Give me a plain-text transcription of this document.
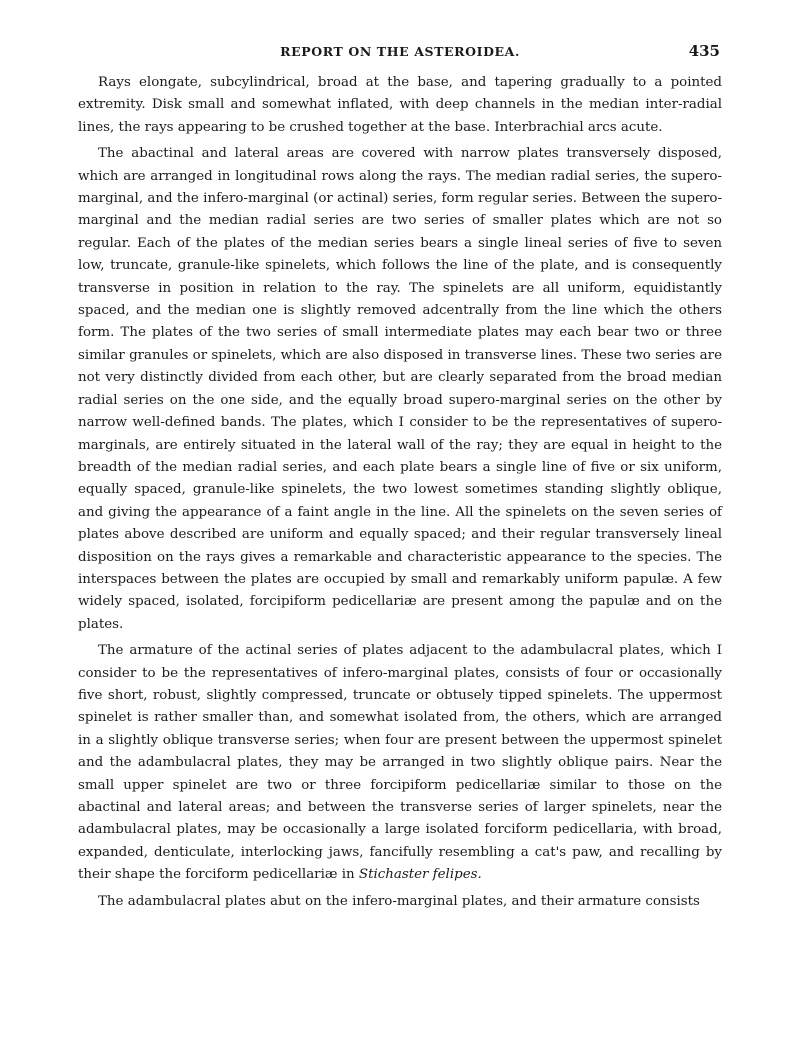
REPORT ON THE ASTEROIDEA.	435

Rays elongate, subcylindrical, broad at the base, and tapering gradually to a pointed extremity. Disk small and somewhat inflated, with deep channels in the median inter-radial lines, the rays appearing to be crushed together at the base. Interbrachial arcs acute.

The abactinal and lateral areas are covered with narrow plates transversely disposed, which are arranged in longitudinal rows along the rays. The median radial series, the supero-marginal, and the infero-marginal (or actinal) series, form regular series. Between the supero-marginal and the median radial series are two series of smaller plates which are not so regular. Each of the plates of the median series bears a single lineal series of five to seven low, truncate, granule-like spinelets, which follows the line of the plate, and is consequently transverse in position in relation to the ray. The spinelets are all uniform, equidistantly spaced, and the median one is slightly removed adcentrally from the line which the others form. The plates of the two series of small intermediate plates may each bear two or three similar granules or spinelets, which are also disposed in transverse lines. These two series are not very distinctly divided from each other, but are clearly separated from the broad median radial series on the one side, and the equally broad supero-marginal series on the other by narrow well-defined bands. The plates, which I consider to be the representatives of supero-marginals, are entirely situated in the lateral wall of the ray; they are equal in height to the breadth of the median radial series, and each plate bears a single line of five or six uniform, equally spaced, granule-like spinelets, the two lowest sometimes standing slightly oblique, and giving the appearance of a faint angle in the line. All the spinelets on the seven series of plates above described are uniform and equally spaced; and their regular transversely lineal disposition on the rays gives a remarkable and characteristic appearance to the species. The interspaces between the plates are occupied by small and remarkably uniform papulæ. A few widely spaced, isolated, forcipiform pedicellariæ are present among the papulæ and on the plates.

The armature of the actinal series of plates adjacent to the adambulacral plates, which I consider to be the representatives of infero-marginal plates, consists of four or occasionally five short, robust, slightly compressed, truncate or obtusely tipped spinelets. The uppermost spinelet is rather smaller than, and somewhat isolated from, the others, which are arranged in a slightly oblique transverse series; when four are present between the uppermost spinelet and the adambulacral plates, they may be arranged in two slightly oblique pairs. Near the small upper spinelet are two or three forcipiform pedicellariæ similar to those on the abactinal and lateral areas; and between the transverse series of larger spinelets, near the adambulacral plates, may be occasionally a large isolated forciform pedicellaria, with broad, expanded, denticulate, interlocking jaws, fancifully resembling a cat's paw, and recalling by their shape the forciform pedicellariæ in Stichaster felipes.

The adambulacral plates abut on the infero-marginal plates, and their armature consists
